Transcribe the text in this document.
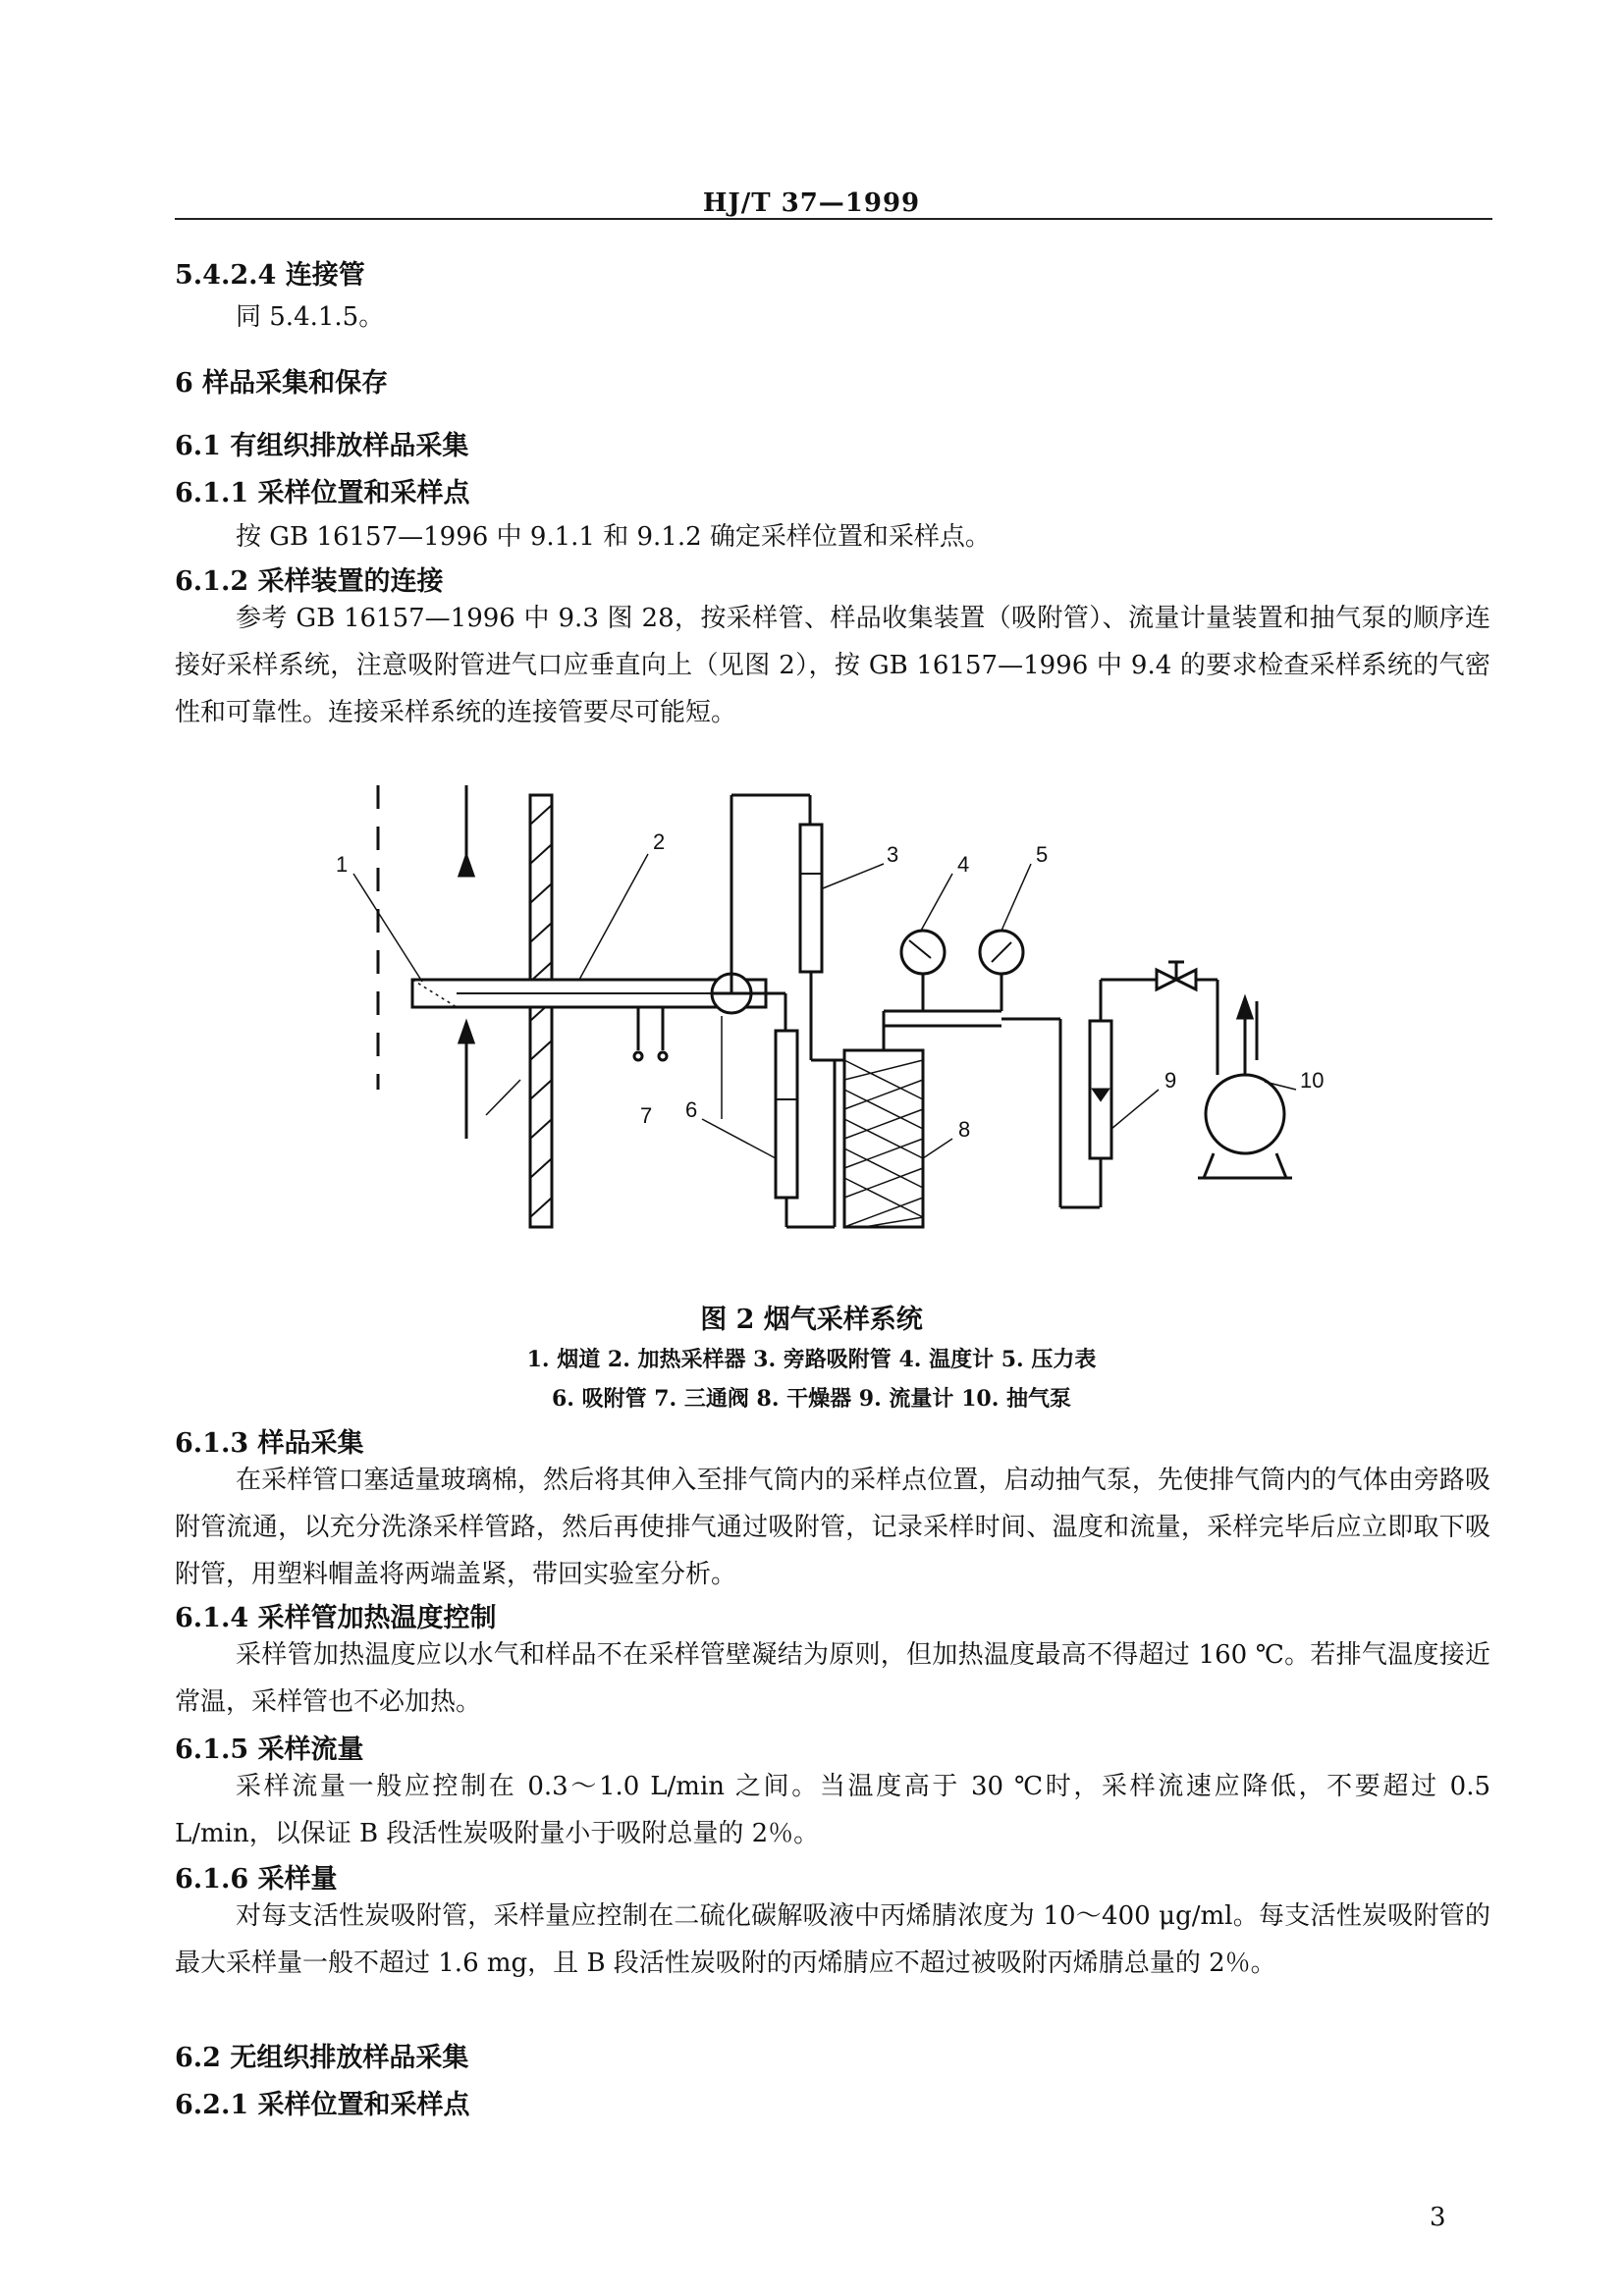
HJ/T 37—1999
5.4.2.4 连接管
同 5.4.1.5。
6 样品采集和保存
6.1 有组织排放样品采集
6.1.1 采样位置和采样点
按 GB 16157—1996 中 9.1.1 和 9.1.2 确定采样位置和采样点。
6.1.2 采样装置的连接
参考 GB 16157—1996 中 9.3 图 28，按采样管、样品收集装置（吸附管）、流量计量装置和抽气泵的顺序连接好采样系统，注意吸附管进气口应垂直向上（见图 2），按 GB 16157—1996 中 9.4 的要求检查采样系统的气密性和可靠性。连接采样系统的连接管要尽可能短。
1
2
3	4	5
6
7
8
9	10
图 2 烟气采样系统
1. 烟道 2. 加热采样器 3. 旁路吸附管 4. 温度计 5. 压力表
6. 吸附管 7. 三通阀 8. 干燥器 9. 流量计 10. 抽气泵
6.1.3 样品采集
在采样管口塞适量玻璃棉，然后将其伸入至排气筒内的采样点位置，启动抽气泵，先使排气筒内的气体由旁路吸附管流通，以充分洗涤采样管路，然后再使排气通过吸附管，记录采样时间、温度和流量，采样完毕后应立即取下吸附管，用塑料帽盖将两端盖紧，带回实验室分析。
6.1.4 采样管加热温度控制
采样管加热温度应以水气和样品不在采样管壁凝结为原则，但加热温度最高不得超过 160 ℃。若排气温度接近常温，采样管也不必加热。
6.1.5 采样流量
采样流量一般应控制在 0.3～1.0 L/min 之间。当温度高于 30 ℃时，采样流速应降低，不要超过 0.5 L/min，以保证 B 段活性炭吸附量小于吸附总量的 2％。
6.1.6 采样量
对每支活性炭吸附管，采样量应控制在二硫化碳解吸液中丙烯腈浓度为 10～400 μg/ml。每支活性炭吸附管的最大采样量一般不超过 1.6 mg，且 B 段活性炭吸附的丙烯腈应不超过被吸附丙烯腈总量的 2％。
6.2 无组织排放样品采集
6.2.1 采样位置和采样点
3
